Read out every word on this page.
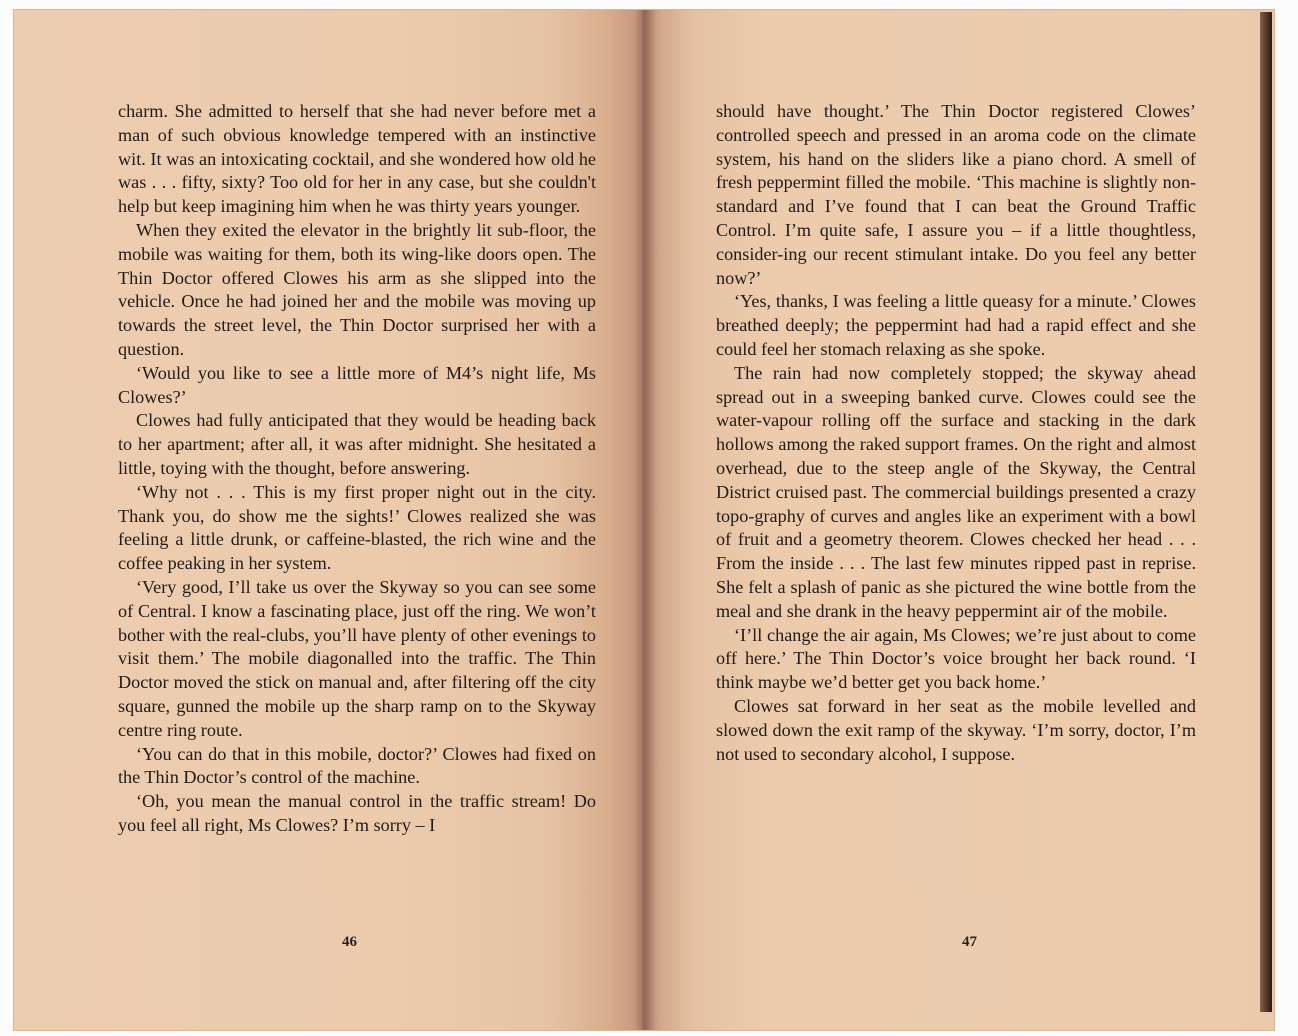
charm. She admitted to herself that she had never before met a man of such obvious knowledge tempered with an instinctive wit. It was an intoxicating cocktail, and she wondered how old he was . . . fifty, sixty? Too old for her in any case, but she couldn't help but keep imagining him when he was thirty years younger.

When they exited the elevator in the brightly lit sub-floor, the mobile was waiting for them, both its wing-like doors open. The Thin Doctor offered Clowes his arm as she slipped into the vehicle. Once he had joined her and the mobile was moving up towards the street level, the Thin Doctor surprised her with a question.

‘Would you like to see a little more of M4’s night life, Ms Clowes?’

Clowes had fully anticipated that they would be heading back to her apartment; after all, it was after midnight. She hesitated a little, toying with the thought, before answering.

‘Why not . . . This is my first proper night out in the city. Thank you, do show me the sights!’ Clowes realized she was feeling a little drunk, or caffeine-blasted, the rich wine and the coffee peaking in her system.

‘Very good, I’ll take us over the Skyway so you can see some of Central. I know a fascinating place, just off the ring. We won’t bother with the real-clubs, you’ll have plenty of other evenings to visit them.’ The mobile diagonalled into the traffic. The Thin Doctor moved the stick on manual and, after filtering off the city square, gunned the mobile up the sharp ramp on to the Skyway centre ring route.

‘You can do that in this mobile, doctor?’ Clowes had fixed on the Thin Doctor’s control of the machine.

‘Oh, you mean the manual control in the traffic stream! Do you feel all right, Ms Clowes? I’m sorry – I

46

should have thought.’ The Thin Doctor registered Clowes’ controlled speech and pressed in an aroma code on the climate system, his hand on the sliders like a piano chord. A smell of fresh peppermint filled the mobile. ‘This machine is slightly non-standard and I’ve found that I can beat the Ground Traffic Control. I’m quite safe, I assure you – if a little thoughtless, consider-ing our recent stimulant intake. Do you feel any better now?’

‘Yes, thanks, I was feeling a little queasy for a minute.’ Clowes breathed deeply; the peppermint had had a rapid effect and she could feel her stomach relaxing as she spoke.

The rain had now completely stopped; the skyway ahead spread out in a sweeping banked curve. Clowes could see the water-vapour rolling off the surface and stacking in the dark hollows among the raked support frames. On the right and almost overhead, due to the steep angle of the Skyway, the Central District cruised past. The commercial buildings presented a crazy topo-graphy of curves and angles like an experiment with a bowl of fruit and a geometry theorem. Clowes checked her head . . . From the inside . . . The last few minutes ripped past in reprise. She felt a splash of panic as she pictured the wine bottle from the meal and she drank in the heavy peppermint air of the mobile.

‘I’ll change the air again, Ms Clowes; we’re just about to come off here.’ The Thin Doctor’s voice brought her back round. ‘I think maybe we’d better get you back home.’

Clowes sat forward in her seat as the mobile levelled and slowed down the exit ramp of the skyway. ‘I’m sorry, doctor, I’m not used to secondary alcohol, I suppose.

47
